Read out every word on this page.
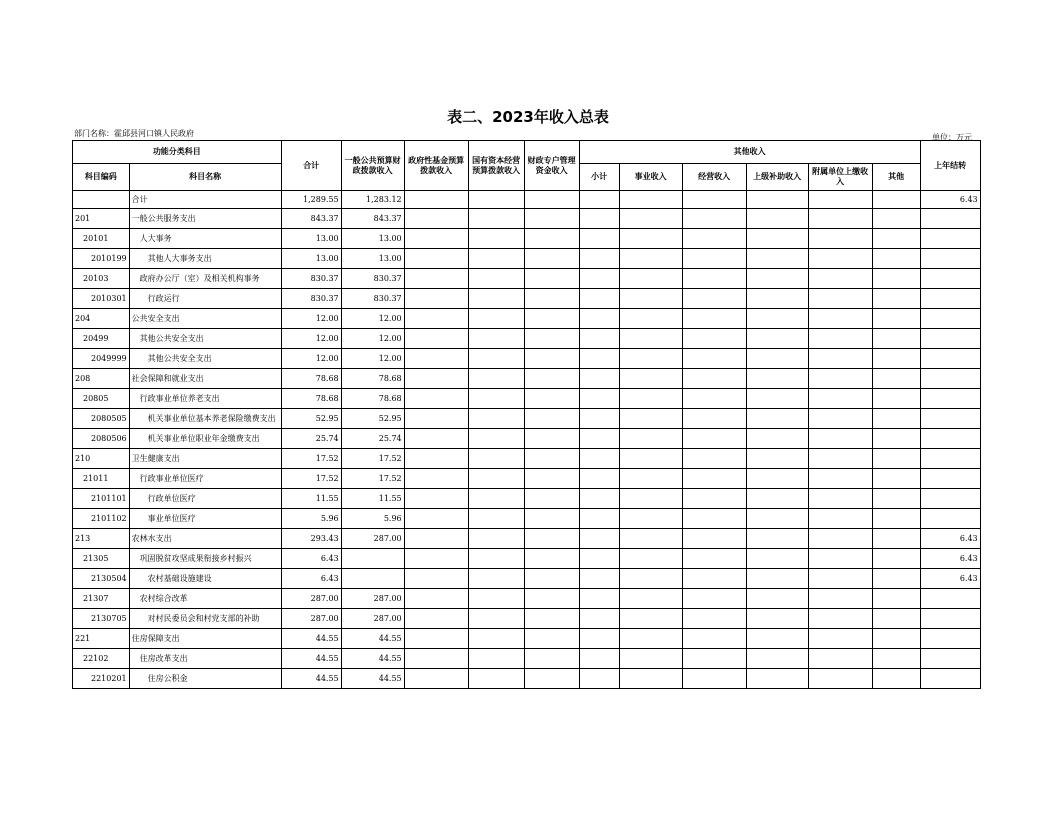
表二、2023年收入总表
部门名称：霍邱县河口镇人民政府	单位：万元
功能分类科目		合计	一般公共预算财政拨款收入	政府性基金预算拨款收入	国有资本经营预算拨款收入	财政专户管理资金收入	其他收入						上年结转
科目编码	科目名称						小计	事业收入	经营收入	上级补助收入	附属单位上缴收入	其他	
	合计	1,289.55	1,283.12										6.43
201	一般公共服务支出	843.37	843.37										
20101	人大事务	13.00	13.00										
2010199	其他人大事务支出	13.00	13.00										
20103	政府办公厅（室）及相关机构事务	830.37	830.37										
2010301	行政运行	830.37	830.37										
204	公共安全支出	12.00	12.00										
20499	其他公共安全支出	12.00	12.00										
2049999	其他公共安全支出	12.00	12.00										
208	社会保障和就业支出	78.68	78.68										
20805	行政事业单位养老支出	78.68	78.68										
2080505	机关事业单位基本养老保险缴费支出	52.95	52.95										
2080506	机关事业单位职业年金缴费支出	25.74	25.74										
210	卫生健康支出	17.52	17.52										
21011	行政事业单位医疗	17.52	17.52										
2101101	行政单位医疗	11.55	11.55										
2101102	事业单位医疗	5.96	5.96										
213	农林水支出	293.43	287.00										6.43
21305	巩固脱贫攻坚成果衔接乡村振兴	6.43											6.43
2130504	农村基础设施建设	6.43											6.43
21307	农村综合改革	287.00	287.00										
2130705	对村民委员会和村党支部的补助	287.00	287.00										
221	住房保障支出	44.55	44.55										
22102	住房改革支出	44.55	44.55										
2210201	住房公积金	44.55	44.55										
